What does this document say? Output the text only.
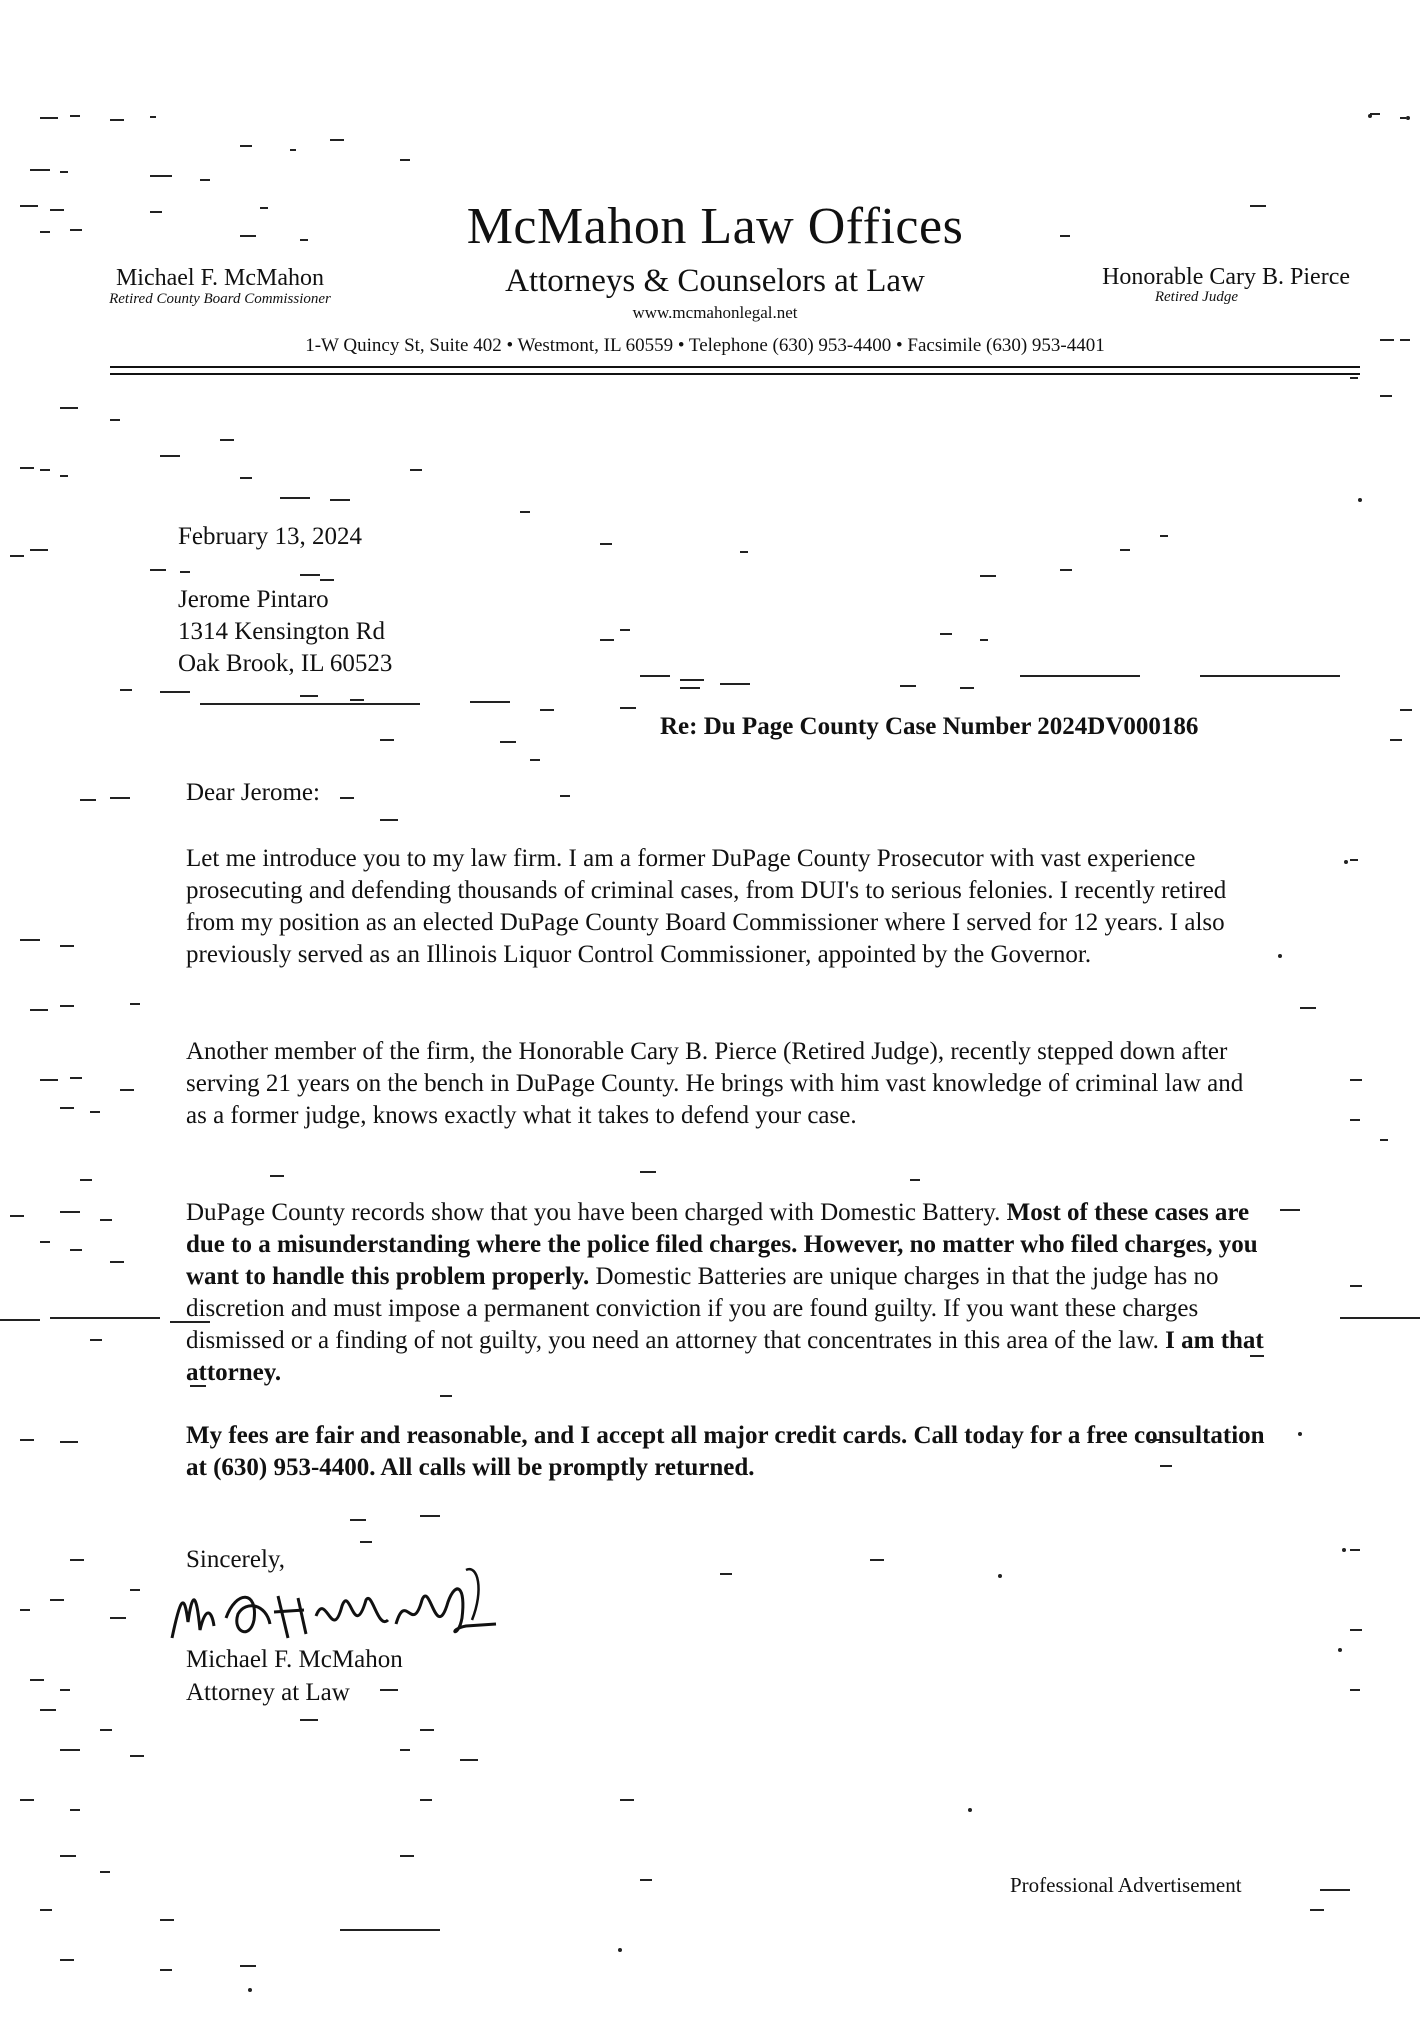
McMahon Law Offices
Attorneys & Counselors at Law
www.mcmahonlegal.net
Michael F. McMahon
Retired County Board Commissioner
Honorable Cary B. Pierce
Retired Judge
1-W Quincy St, Suite 402 • Westmont, IL 60559 • Telephone (630) 953-4400 • Facsimile (630) 953-4401
February 13, 2024
Jerome Pintaro
1314 Kensington Rd
Oak Brook, IL 60523
Re: Du Page County Case Number 2024DV000186
Dear Jerome:

Let me introduce you to my law firm. I am a former DuPage County Prosecutor with vast experience prosecuting and defending thousands of criminal cases, from DUI's to serious felonies. I recently retired from my position as an elected DuPage County Board Commissioner where I served for 12 years. I also previously served as an Illinois Liquor Control Commissioner, appointed by the Governor.

Another member of the firm, the Honorable Cary B. Pierce (Retired Judge), recently stepped down after serving 21 years on the bench in DuPage County. He brings with him vast knowledge of criminal law and as a former judge, knows exactly what it takes to defend your case.

DuPage County records show that you have been charged with Domestic Battery. Most of these cases are due to a misunderstanding where the police filed charges. However, no matter who filed charges, you want to handle this problem properly. Domestic Batteries are unique charges in that the judge has no discretion and must impose a permanent conviction if you are found guilty. If you want these charges dismissed or a finding of not guilty, you need an attorney that concentrates in this area of the law. I am that attorney.

My fees are fair and reasonable, and I accept all major credit cards. Call today for a free consultation at (630) 953-4400. All calls will be promptly returned.

Sincerely,
Michael F. McMahon
Attorney at Law
Professional Advertisement
